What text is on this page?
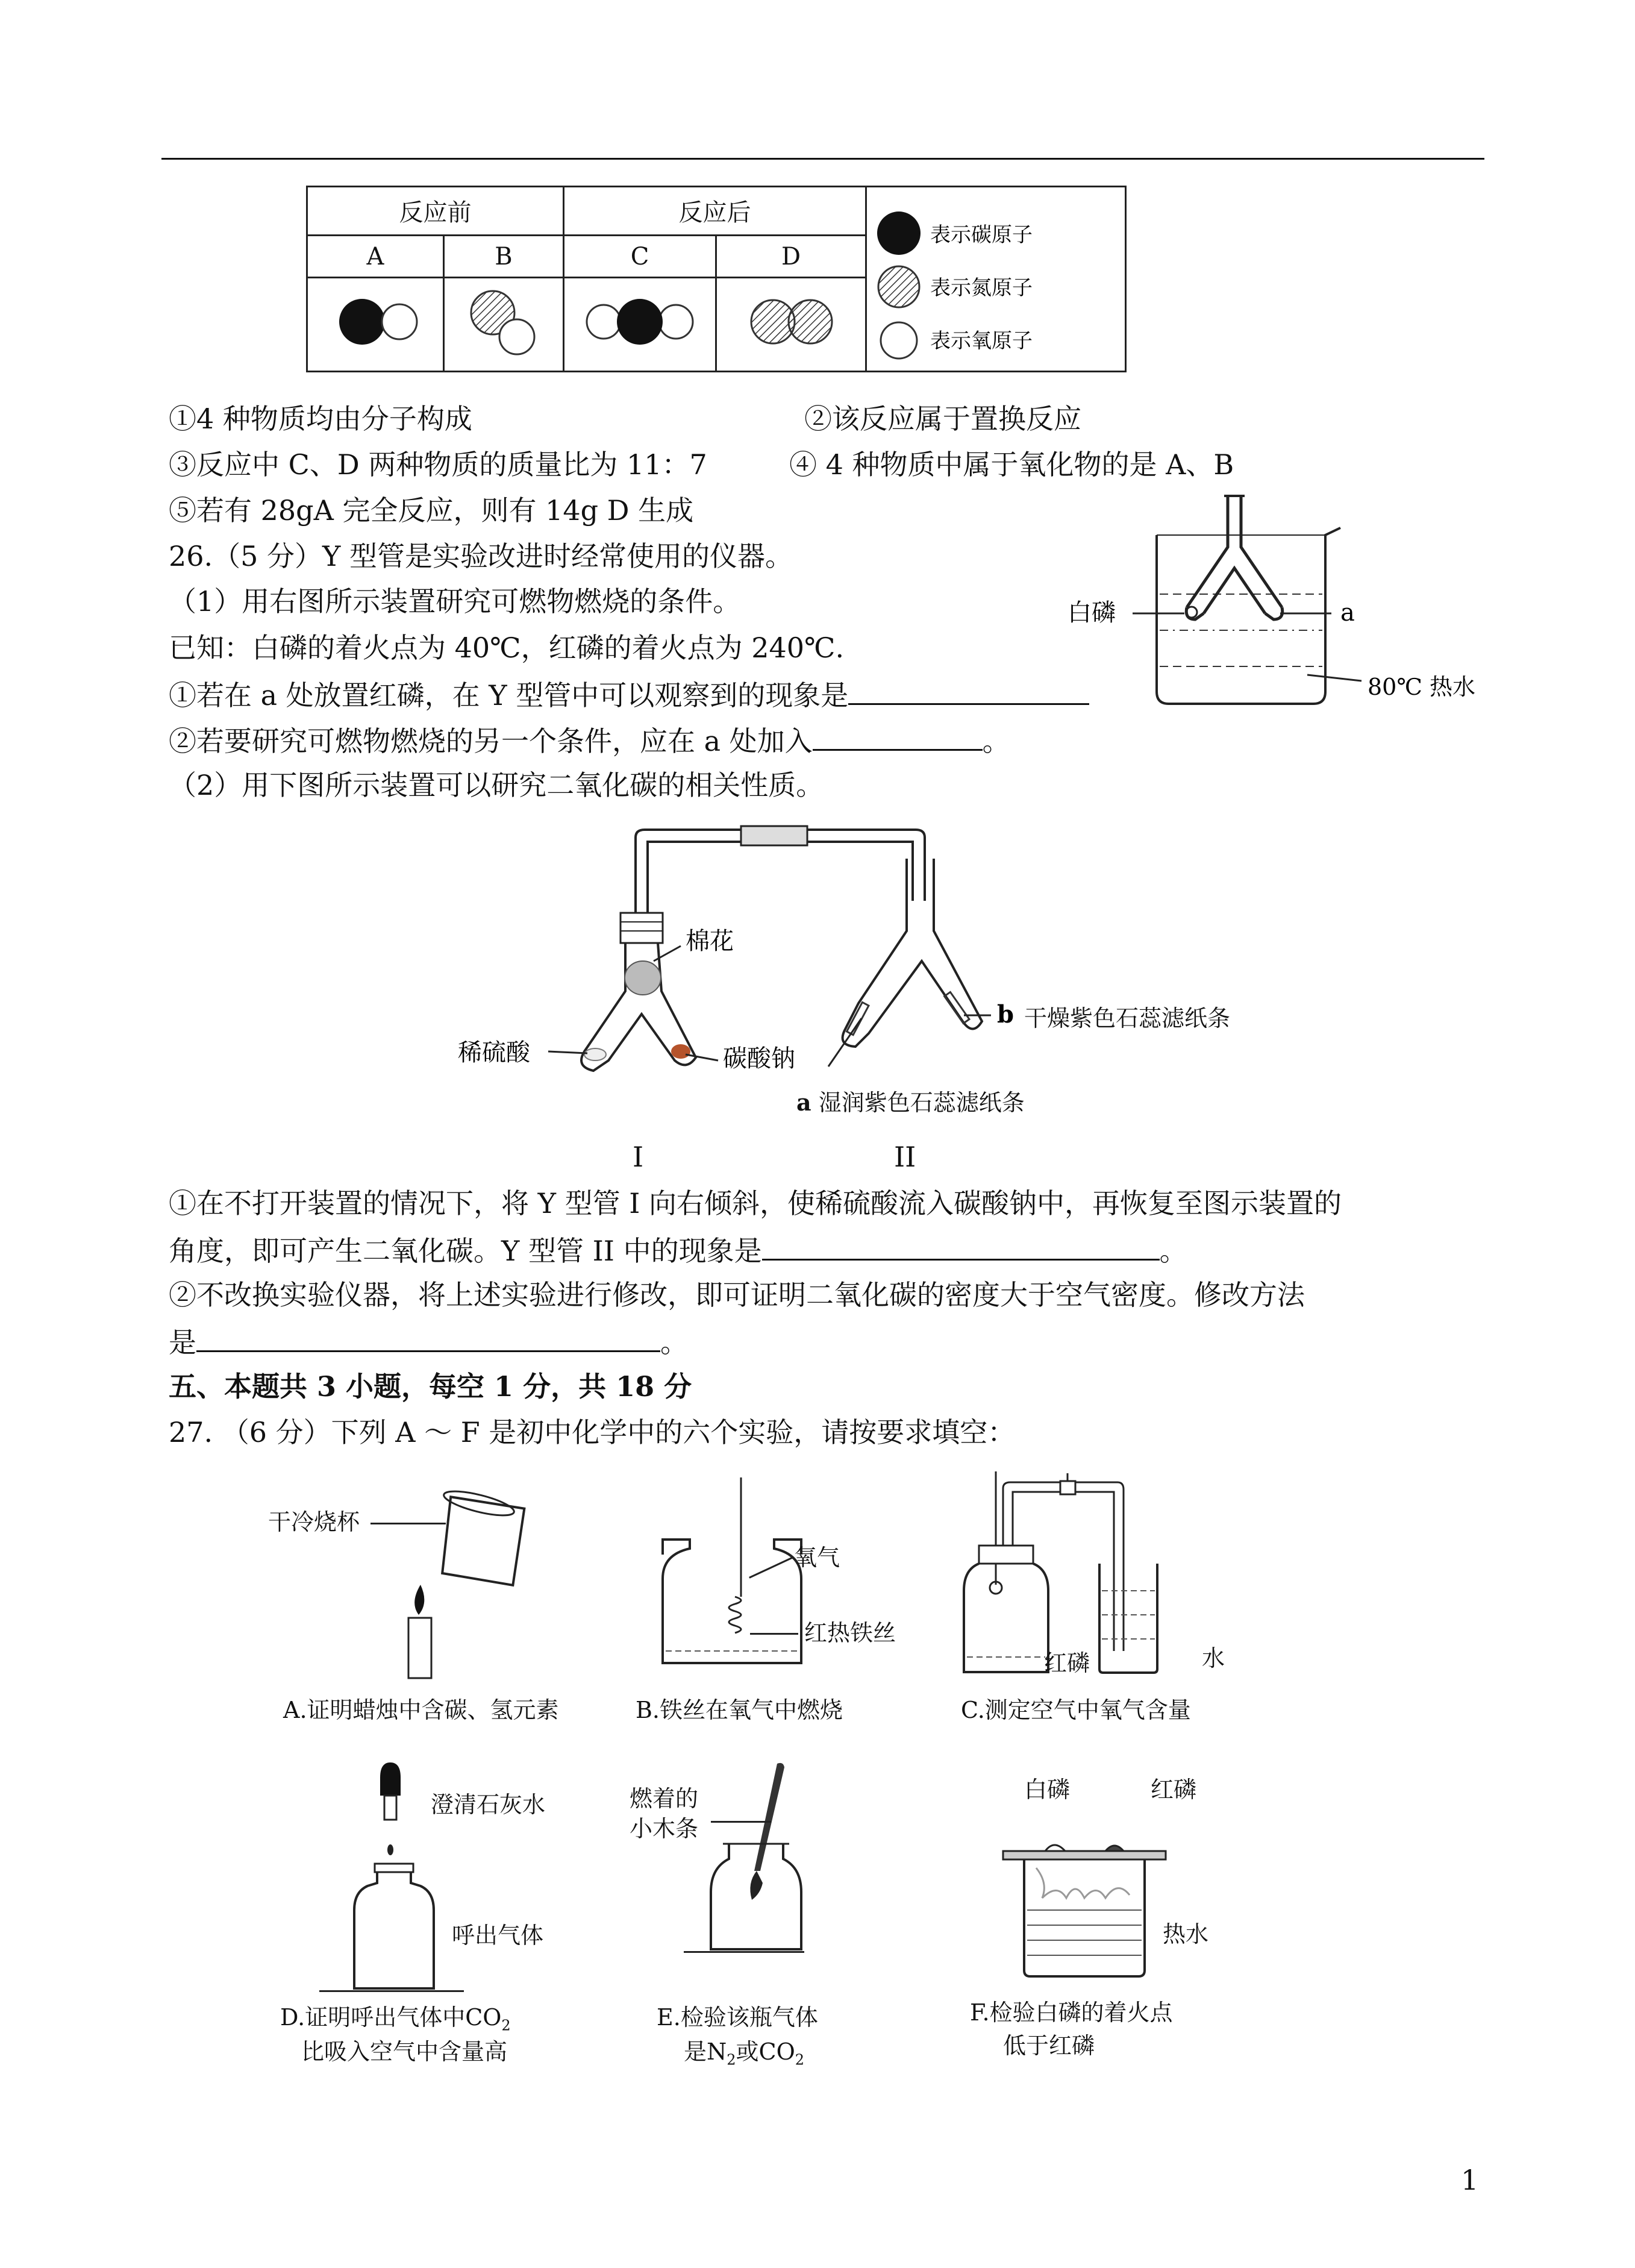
反应前		反应后		表示碳原子
表示氮原子
表示氧原子

A	B	C	D	

①4 种物质均由分子构成	②该反应属于置换反应
③反应中 C、D 两种物质的质量比为 11：7	④ 4 种物质中属于氧化物的是 A、B
⑤若有 28gA 完全反应，则有 14g D 生成
26.（5 分）Y 型管是实验改进时经常使用的仪器。
（1）用右图所示装置研究可燃物燃烧的条件。
已知：白磷的着火点为 40℃，红磷的着火点为 240℃.
①若在 a 处放置红磷，在 Y 型管中可以观察到的现象是
②若要研究可燃物燃烧的另一个条件，应在 a 处加入	。
（2）用下图所示装置可以研究二氧化碳的相关性质。
白磷	a
80℃ 热水
棉花
稀硫酸	碳酸钠
b 干燥紫色石蕊滤纸条
a 湿润紫色石蕊滤纸条
I	II
①在不打开装置的情况下，将 Y 型管 I 向右倾斜，使稀硫酸流入碳酸钠中，再恢复至图示装置的
角度，即可产生二氧化碳。Y 型管 II 中的现象是	。
②不改换实验仪器，将上述实验进行修改，即可证明二氧化碳的密度大于空气密度。修改方法
是	。
五、本题共 3 小题，每空 1 分，共 18 分
27. （6 分）下列 A ～ F 是初中化学中的六个实验，请按要求填空：
干冷烧杯
A.证明蜡烛中含碳、氢元素
氧气
红热铁丝
B.铁丝在氧气中燃烧
红磷	水
C.测定空气中氧气含量
澄清石灰水
呼出气体
D.证明呼出气体中$CO_2$
比吸入空气中含量高
燃着的
小木条
E.检验该瓶气体
是$N_2$或$CO_2$
白磷	红磷
热水
F.检验白磷的着火点
低于红磷
1
